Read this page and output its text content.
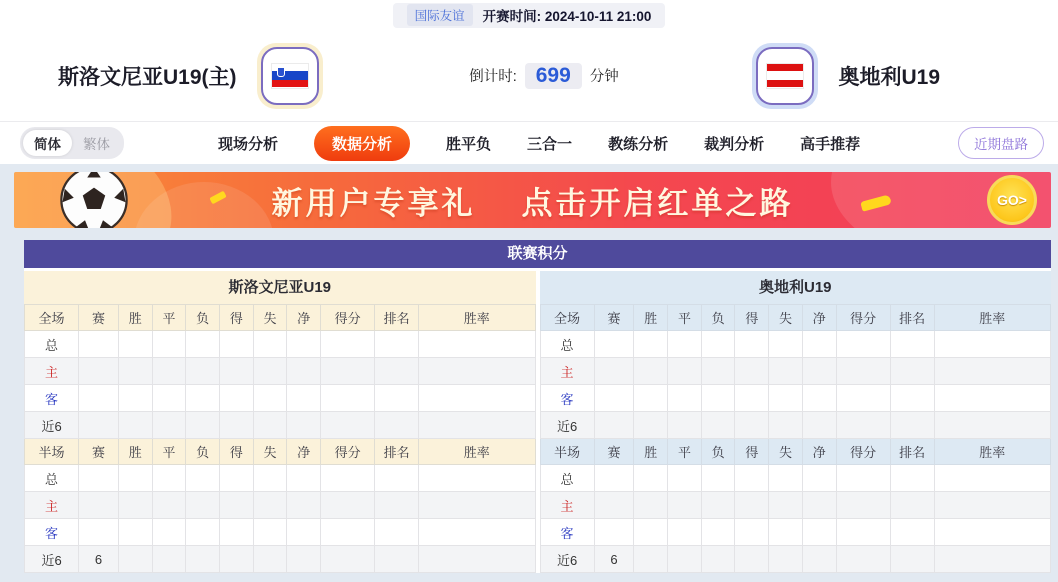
国际友谊	开赛时间: 2024-10-11 21:00
斯洛文尼亚U19(主)	倒计时: 699	分钟	奥地利U19
简体	繁体	现场分析	数据分析	胜平负 三合一 教练分析 裁判分析 高手推荐	近期盘路
新用户专享礼 点击开启红单之路	GO>
联赛积分
斯洛文尼亚U19
全场	赛	胜	平	负	得	失	净	得分	排名	胜率
总										
主										
客										
近6										
半场	赛	胜	平	负	得	失	净	得分	排名	胜率
总										
主										
客										
近6	6									
奥地利U19
全场	赛	胜	平	负	得	失	净	得分	排名	胜率
总										
主										
客										
近6										
半场	赛	胜	平	负	得	失	净	得分	排名	胜率
总										
主										
客										
近6	6									
